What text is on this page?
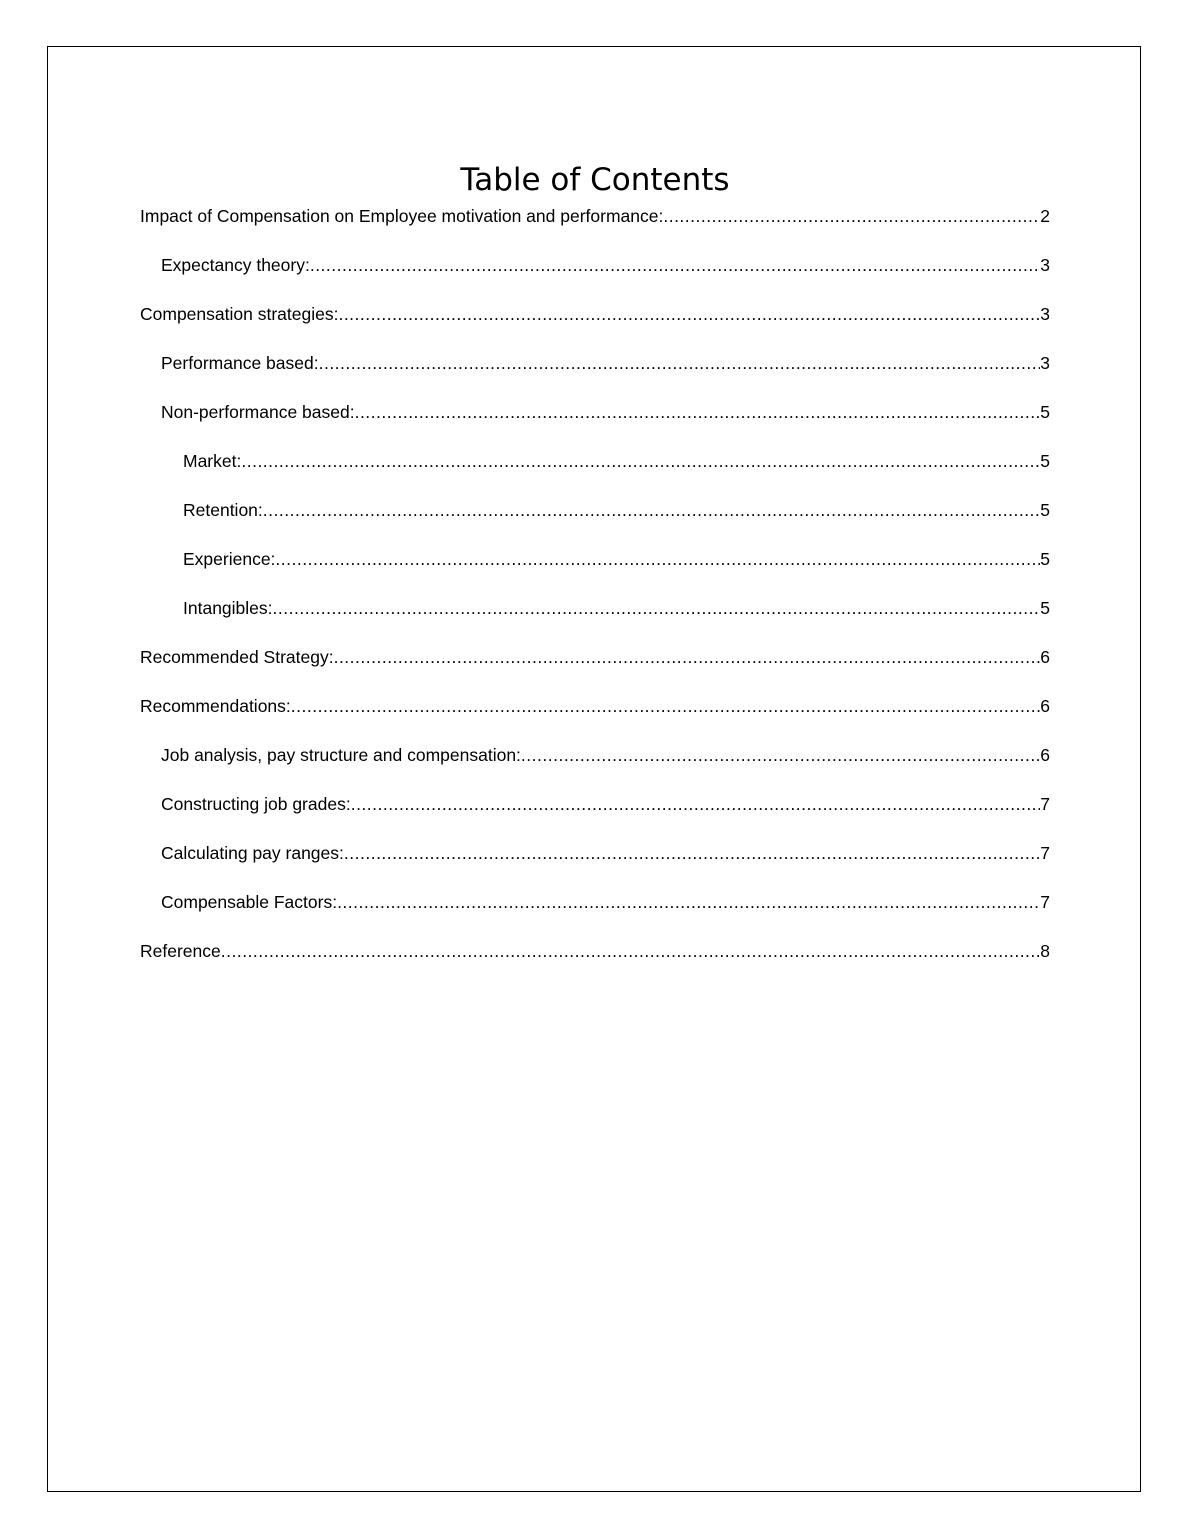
Table of Contents
Impact of Compensation on Employee motivation and performance: .....	2
Expectancy theory: .....	3
Compensation strategies: .....	3
Performance based: .....	3
Non-performance based: .....	5
Market: .....	5
Retention: .....	5
Experience: .....	5
Intangibles: .....	5
Recommended Strategy: .....	6
Recommendations: .....	6
Job analysis, pay structure and compensation: .....	6
Constructing job grades: .....	7
Calculating pay ranges: .....	7
Compensable Factors: .....	7
Reference .....	8
